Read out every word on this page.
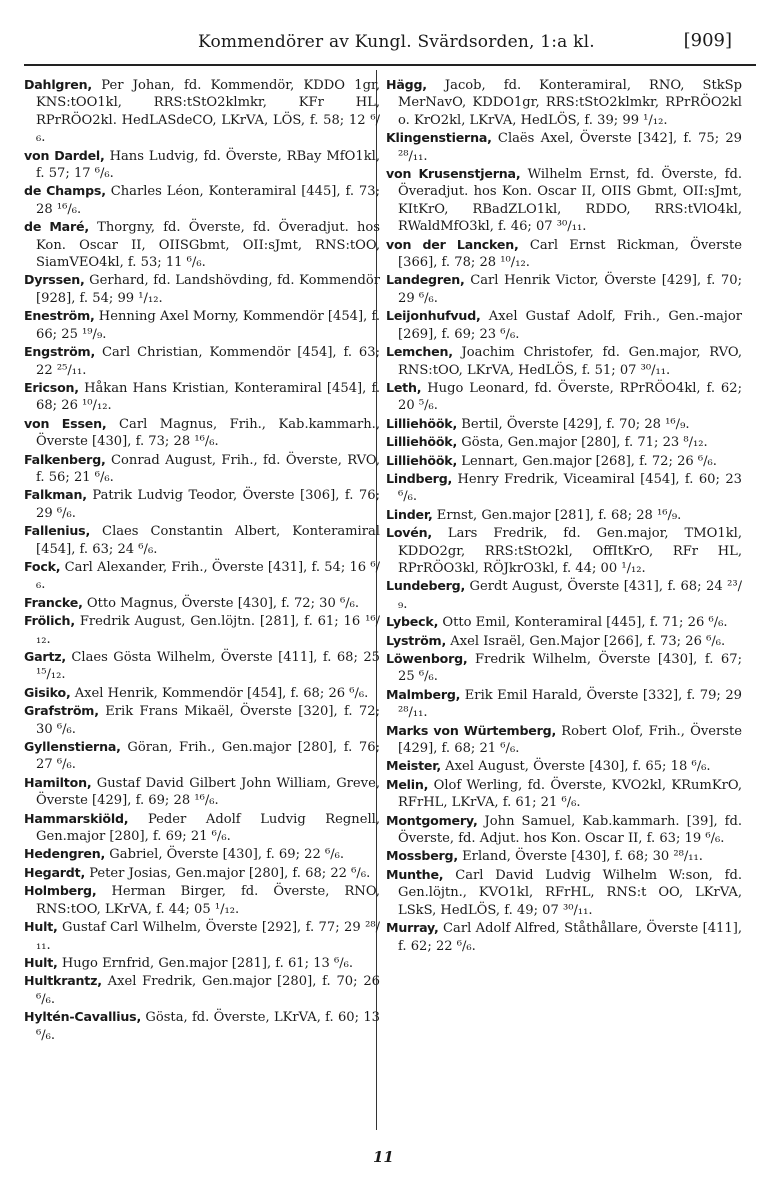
Kommendörer av Kungl. Svärdsorden, 1:a kl.	[909]

Dahlgren, Per Johan, fd. Kommendör, KDDO 1gr, KNS:tOO1kl, RRS:tStO2klmkr, KFr HL, RPrRÖO2kl. HedLASdeCO, LKrVA, LÖS, f. 58; 12 ⁶/₆.

von Dardel, Hans Ludvig, fd. Överste, RBay MfO1kl, f. 57; 17 ⁶/₆.

de Champs, Charles Léon, Konteramiral [445], f. 73; 28 ¹⁶/₆.

de Maré, Thorgny, fd. Överste, fd. Överadjut. hos Kon. Oscar II, OIISGbmt, OII:sJmt, RNS:tOO, SiamVEO4kl, f. 53; 11 ⁶/₆.

Dyrssen, Gerhard, fd. Landshövding, fd. Kommendör [928], f. 54; 99 ¹/₁₂.

Eneström, Henning Axel Morny, Kommendör [454], f. 66; 25 ¹⁹/₉.

Engström, Carl Christian, Kommendör [454], f. 63; 22 ²⁵/₁₁.

Ericson, Håkan Hans Kristian, Konteramiral [454], f. 68; 26 ¹⁰/₁₂.

von Essen, Carl Magnus, Frih., Kab.kammarh., Överste [430], f. 73; 28 ¹⁶/₆.

Falkenberg, Conrad August, Frih., fd. Överste, RVO, f. 56; 21 ⁶/₆.

Falkman, Patrik Ludvig Teodor, Överste [306], f. 76; 29 ⁶/₆.

Fallenius, Claes Constantin Albert, Konteramiral [454], f. 63; 24 ⁶/₆.

Fock, Carl Alexander, Frih., Överste [431], f. 54; 16 ⁶/₆.

Francke, Otto Magnus, Överste [430], f. 72; 30 ⁶/₆.

Frölich, Fredrik August, Gen.löjtn. [281], f. 61; 16 ¹⁶/₁₂.

Gartz, Claes Gösta Wilhelm, Överste [411], f. 68; 25 ¹⁵/₁₂.

Gisiko, Axel Henrik, Kommendör [454], f. 68; 26 ⁶/₆.

Grafström, Erik Frans Mikaël, Överste [320], f. 72; 30 ⁶/₆.

Gyllenstierna, Göran, Frih., Gen.major [280], f. 76; 27 ⁶/₆.

Hamilton, Gustaf David Gilbert John William, Greve, Överste [429], f. 69; 28 ¹⁶/₆.

Hammarskiöld, Peder Adolf Ludvig Regnell, Gen.major [280], f. 69; 21 ⁶/₆.

Hedengren, Gabriel, Överste [430], f. 69; 22 ⁶/₆.

Hegardt, Peter Josias, Gen.major [280], f. 68; 22 ⁶/₆.

Holmberg, Herman Birger, fd. Överste, RNO, RNS:tOO, LKrVA, f. 44; 05 ¹/₁₂.

Hult, Gustaf Carl Wilhelm, Överste [292], f. 77; 29 ²⁸/₁₁.

Hult, Hugo Ernfrid, Gen.major [281], f. 61; 13 ⁶/₆.

Hultkrantz, Axel Fredrik, Gen.major [280], f. 70; 26 ⁶/₆.

Hyltén-Cavallius, Gösta, fd. Överste, LKrVA, f. 60; 13 ⁶/₆.

Hägg, Jacob, fd. Konteramiral, RNO, StkSp MerNavO, KDDO1gr, RRS:tStO2klmkr, RPrRÖO2kl o. KrO2kl, LKrVA, HedLÖS, f. 39; 99 ¹/₁₂.

Klingenstierna, Claës Axel, Överste [342], f. 75; 29 ²⁸/₁₁.

von Krusenstjerna, Wilhelm Ernst, fd. Överste, fd. Överadjut. hos Kon. Oscar II, OIIS Gbmt, OII:sJmt, KItKrO, RBadZLO1kl, RDDO, RRS:tVlO4kl, RWaldMfO3kl, f. 46; 07 ³⁰/₁₁.

von der Lancken, Carl Ernst Rickman, Överste [366], f. 78; 28 ¹⁰/₁₂.

Landegren, Carl Henrik Victor, Överste [429], f. 70; 29 ⁶/₆.

Leijonhufvud, Axel Gustaf Adolf, Frih., Gen.-major [269], f. 69; 23 ⁶/₆.

Lemchen, Joachim Christofer, fd. Gen.major, RVO, RNS:tOO, LKrVA, HedLÖS, f. 51; 07 ³⁰/₁₁.

Leth, Hugo Leonard, fd. Överste, RPrRÖO4kl, f. 62; 20 ⁵/₆.

Lilliehöök, Bertil, Överste [429], f. 70; 28 ¹⁶/₉.

Lilliehöök, Gösta, Gen.major [280], f. 71; 23 ⁸/₁₂.

Lilliehöök, Lennart, Gen.major [268], f. 72; 26 ⁶/₆.

Lindberg, Henry Fredrik, Viceamiral [454], f. 60; 23 ⁶/₆.

Linder, Ernst, Gen.major [281], f. 68; 28 ¹⁶/₉.

Lovén, Lars Fredrik, fd. Gen.major, TMO1kl, KDDO2gr, RRS:tStO2kl, OffItKrO, RFr HL, RPrRÖO3kl, RÖJkrO3kl, f. 44; 00 ¹/₁₂.

Lundeberg, Gerdt August, Överste [431], f. 68; 24 ²³/₉.

Lybeck, Otto Emil, Konteramiral [445], f. 71; 26 ⁶/₆.

Lyström, Axel Israël, Gen.Major [266], f. 73; 26 ⁶/₆.

Löwenborg, Fredrik Wilhelm, Överste [430], f. 67; 25 ⁶/₆.

Malmberg, Erik Emil Harald, Överste [332], f. 79; 29 ²⁸/₁₁.

Marks von Würtemberg, Robert Olof, Frih., Överste [429], f. 68; 21 ⁶/₆.

Meister, Axel August, Överste [430], f. 65; 18 ⁶/₆.

Melin, Olof Werling, fd. Överste, KVO2kl, KRumKrO, RFrHL, LKrVA, f. 61; 21 ⁶/₆.

Montgomery, John Samuel, Kab.kammarh. [39], fd. Överste, fd. Adjut. hos Kon. Oscar II, f. 63; 19 ⁶/₆.

Mossberg, Erland, Överste [430], f. 68; 30 ²⁸/₁₁.

Munthe, Carl David Ludvig Wilhelm W:son, fd. Gen.löjtn., KVO1kl, RFrHL, RNS:t OO, LKrVA, LSkS, HedLÖS, f. 49; 07 ³⁰/₁₁.

Murray, Carl Adolf Alfred, Ståthållare, Överste [411], f. 62; 22 ⁶/₆.

11
